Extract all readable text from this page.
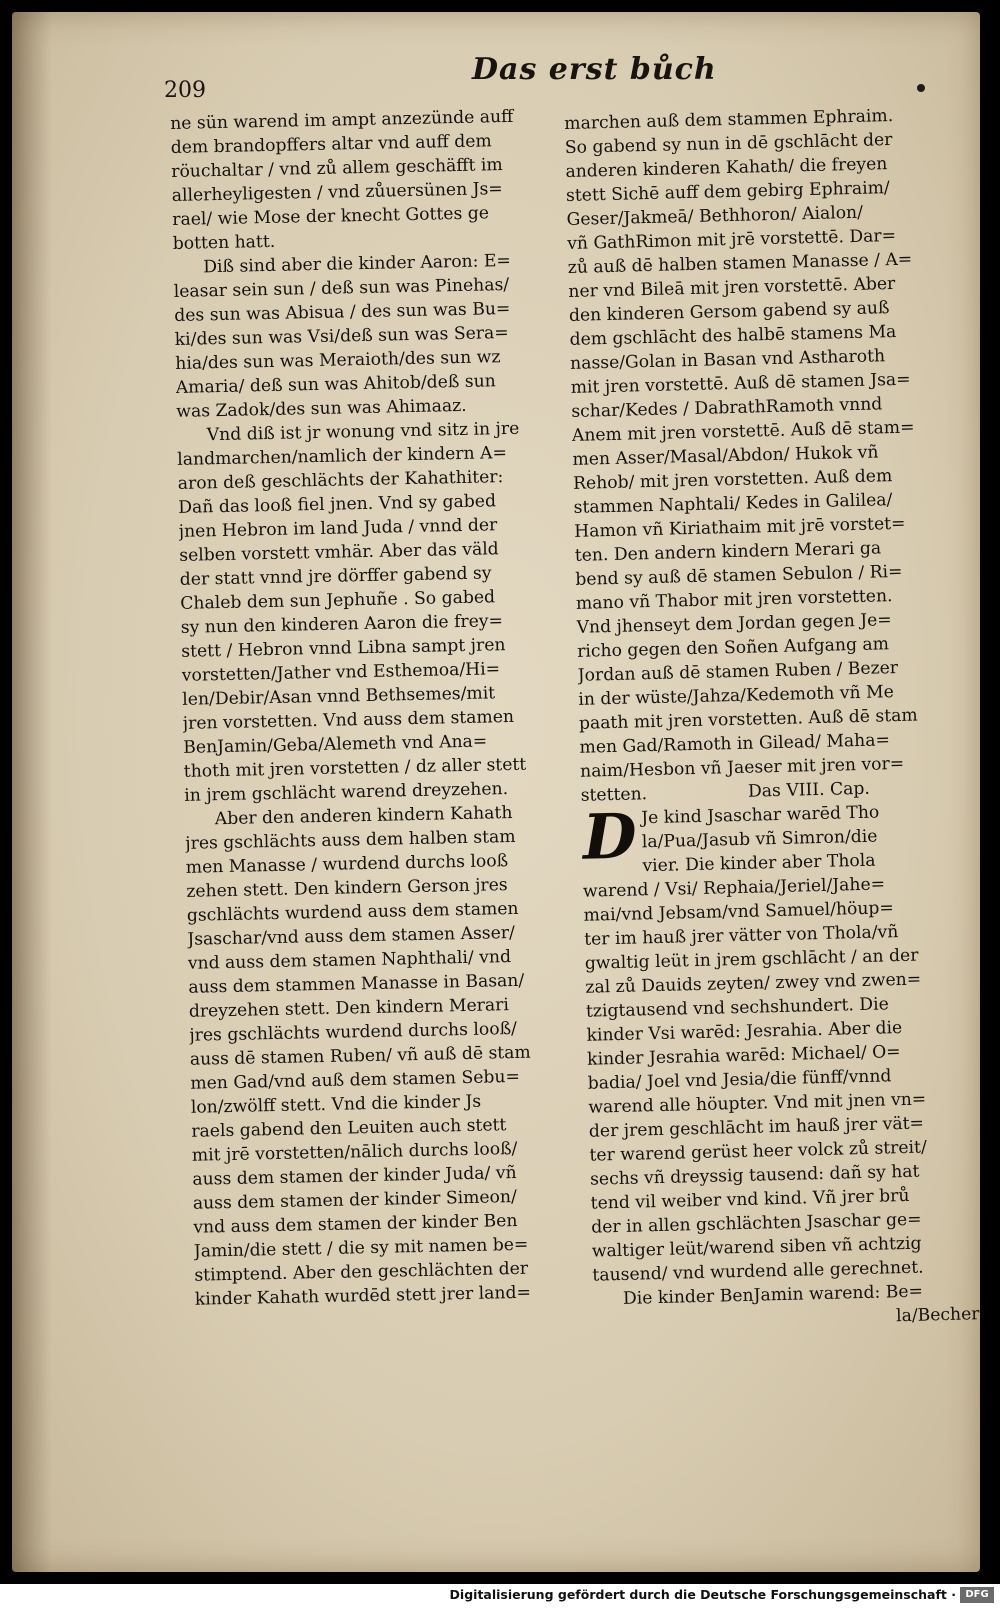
209
Das erst bůch
ne sün warend im ampt anzezünde auff
dem brandopffers altar vnd auff dem
röuchaltar / vnd zů allem geschäfft im
allerheyligesten / vnd zůuersünen Js=
rael/ wie Mose der knecht Gottes ge
botten hatt.
Diß sind aber die kinder Aaron: E=
leasar sein sun / deß sun was Pinehas/
des sun was Abisua / des sun was Bu=
ki/des sun was Vsi/deß sun was Sera=
hia/des sun was Meraioth/des sun wz
Amaria/ deß sun was Ahitob/deß sun
was Zadok/des sun was Ahimaaz.
Vnd diß ist jr wonung vnd sitz in jre
landmarchen/namlich der kindern A=
aron deß geschlächts der Kahathiter:
Dañ das looß fiel jnen. Vnd sy gabed
jnen Hebron im land Juda / vnnd der
selben vorstett vmhär. Aber das väld
der statt vnnd jre dörffer gabend sy
Chaleb dem sun Jephuñe . So gabed
sy nun den kinderen Aaron die frey=
stett / Hebron vnnd Libna sampt jren
vorstetten/Jather vnd Esthemoa/Hi=
len/Debir/Asan vnnd Bethsemes/mit
jren vorstetten. Vnd auss dem stamen
BenJamin/Geba/Alemeth vnd Ana=
thoth mit jren vorstetten / dz aller stett
in jrem gschlächt warend dreyzehen.
Aber den anderen kindern Kahath
jres gschlächts auss dem halben stam
men Manasse / wurdend durchs looß
zehen stett. Den kindern Gerson jres
gschlächts wurdend auss dem stamen
Jsaschar/vnd auss dem stamen Asser/
vnd auss dem stamen Naphthali/ vnd
auss dem stammen Manasse in Basan/
dreyzehen stett. Den kindern Merari
jres gschlächts wurdend durchs looß/
auss dē stamen Ruben/ vñ auß dē stam
men Gad/vnd auß dem stamen Sebu=
lon/zwölff stett. Vnd die kinder Js
raels gabend den Leuiten auch stett
mit jrē vorstetten/nālich durchs looß/
auss dem stamen der kinder Juda/ vñ
auss dem stamen der kinder Simeon/
vnd auss dem stamen der kinder Ben
Jamin/die stett / die sy mit namen be=
stimptend. Aber den geschlächten der
kinder Kahath wurdēd stett jrer land=
marchen auß dem stammen Ephraim.
So gabend sy nun in dē gschlācht der
anderen kinderen Kahath/ die freyen
stett Sichē auff dem gebirg Ephraim/
Geser/Jakmeā/ Bethhoron/ Aialon/
vñ GathRimon mit jrē vorstettē. Dar=
zů auß dē halben stamen Manasse / A=
ner vnd Bileā mit jren vorstettē. Aber
den kinderen Gersom gabend sy auß
dem gschlācht des halbē stamens Ma
nasse/Golan in Basan vnd Astharoth
mit jren vorstettē. Auß dē stamen Jsa=
schar/Kedes / DabrathRamoth vnnd
Anem mit jren vorstettē. Auß dē stam=
men Asser/Masal/Abdon/ Hukok vñ
Rehob/ mit jren vorstetten. Auß dem
stammen Naphtali/ Kedes in Galilea/
Hamon vñ Kiriathaim mit jrē vorstet=
ten. Den andern kindern Merari ga
bend sy auß dē stamen Sebulon / Ri=
mano vñ Thabor mit jren vorstetten.
Vnd jhenseyt dem Jordan gegen Je=
richo gegen den Soñen Aufgang am
Jordan auß dē stamen Ruben / Bezer
in der wüste/Jahza/Kedemoth vñ Me
paath mit jren vorstetten. Auß dē stam
men Gad/Ramoth in Gilead/ Maha=
naim/Hesbon vñ Jaeser mit jren vor=
stetten.	Das VIII. Cap.
D Je kind Jsaschar warēd Tho
la/Pua/Jasub vñ Simron/die
vier. Die kinder aber Thola
warend / Vsi/ Rephaia/Jeriel/Jahe=
mai/vnd Jebsam/vnd Samuel/höup=
ter im hauß jrer vätter von Thola/vñ
gwaltig leüt in jrem gschlācht / an der
zal zů Dauids zeyten/ zwey vnd zwen=
tzigtausend vnd sechshundert. Die
kinder Vsi warēd: Jesrahia. Aber die
kinder Jesrahia warēd: Michael/ O=
badia/ Joel vnd Jesia/die fünff/vnnd
warend alle höupter. Vnd mit jnen vn=
der jrem geschlācht im hauß jrer vät=
ter warend gerüst heer volck zů streit/
sechs vñ dreyssig tausend: dañ sy hat
tend vil weiber vnd kind. Vñ jrer brů
der in allen gschlächten Jsaschar ge=
waltiger leüt/warend siben vñ achtzig
tausend/ vnd wurdend alle gerechnet.
Die kinder BenJamin warend: Be=
la/Becher
Digitalisierung gefördert durch die Deutsche Forschungsgemeinschaft · DFG
